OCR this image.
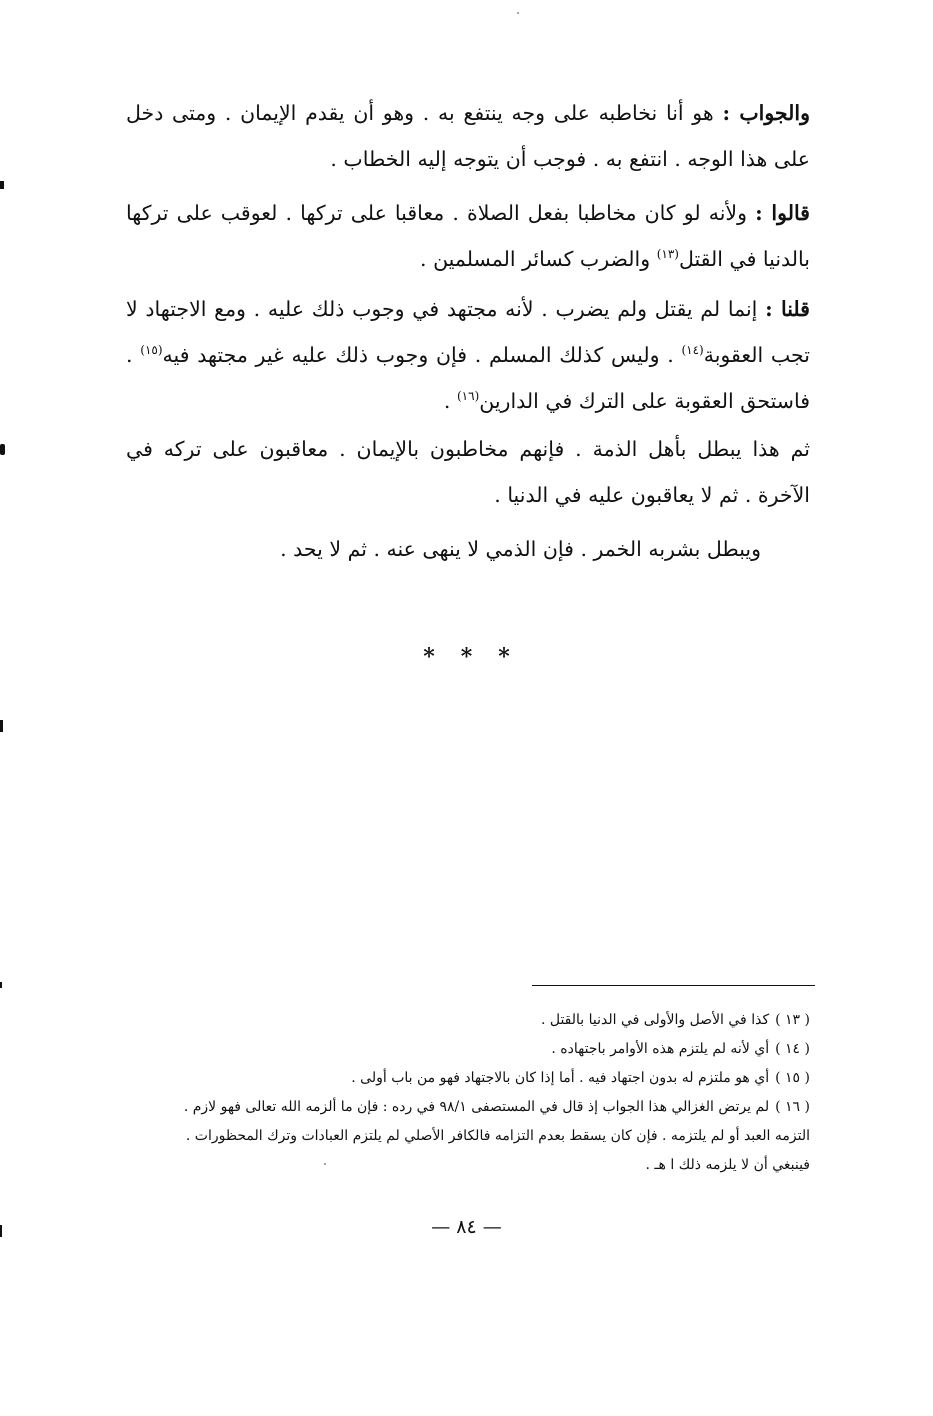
والجواب : هو أنا نخاطبه على وجه ينتفع به . وهو أن يقدم الإيمان . ومتى دخل على هذا الوجه . انتفع به . فوجب أن يتوجه إليه الخطاب .
قالوا : ولأنه لو كان مخاطبا بفعل الصلاة . معاقبا على تركها . لعوقب على تركها بالدنيا في القتل$^{(١٣)}$ والضرب كسائر المسلمين .
قلنا : إنما لم يقتل ولم يضرب . لأنه مجتهد في وجوب ذلك عليه . ومع الاجتهاد لا تجب العقوبة$^{(١٤)}$ . وليس كذلك المسلم . فإن وجوب ذلك عليه غير مجتهد فيه$^{(١٥)}$ . فاستحق العقوبة على الترك في الدارين$^{(١٦)}$ .
ثم هذا يبطل بأهل الذمة . فإنهم مخاطبون بالإيمان . معاقبون على تركه في الآخرة . ثم لا يعاقبون عليه في الدنيا .
ويبطل بشربه الخمر . فإن الذمي لا ينهى عنه . ثم لا يحد .
* * *
( ١٣ )كذا في الأصل والأولى في الدنيا بالقتل .
( ١٤ )أي لأنه لم يلتزم هذه الأوامر باجتهاده .
( ١٥ )أي هو ملتزم له بدون اجتهاد فيه . أما إذا كان بالاجتهاد فهو من باب أولى .
( ١٦ )لم يرتض الغزالي هذا الجواب إذ قال في المستصفى ٩٨/١ في رده : فإن ما ألزمه الله تعالى فهو لازم .
التزمه العبد أو لم يلتزمه . فإن كان يسقط بعدم التزامه فالكافر الأصلي لم يلتزم العبادات وترك المحظورات .
فينبغي أن لا يلزمه ذلك ا هـ .
— ٨٤ —
